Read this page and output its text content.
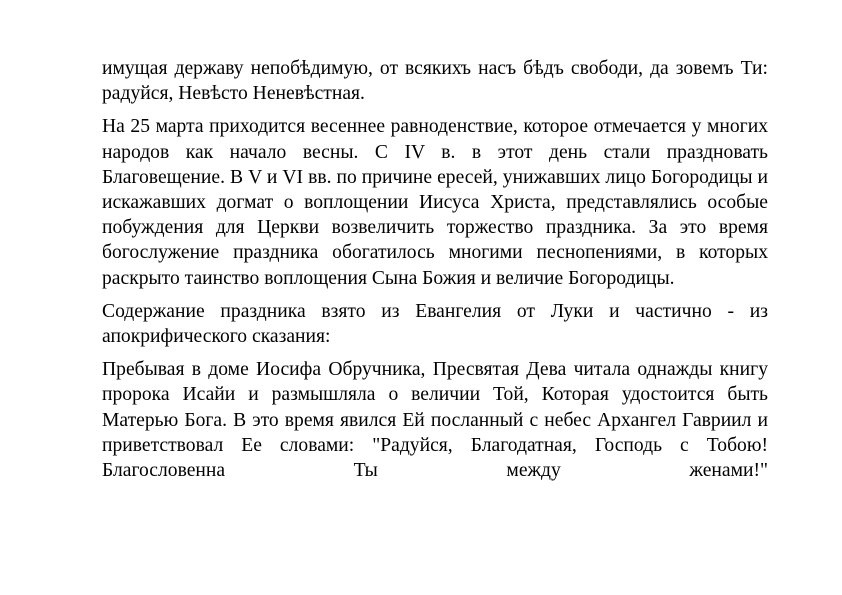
имущая державу непобѣдимую, от всякихъ насъ бѣдъ свободи, да зовемъ Ти: радуйся, Невѣсто Неневѣстная.

На 25 марта приходится весеннее равноденствие, которое отмечается у многих народов как начало весны. С IV в. в этот день стали праздновать Благовещение. В V и VI вв. по причине ересей, унижавших лицо Богородицы и искажавших догмат о воплощении Иисуса Христа, представлялись особые побуждения для Церкви возвеличить торжество праздника. За это время богослужение праздника обогатилось многими песнопениями, в которых раскрыто таинство воплощения Сына Божия и величие Богородицы.

Содержание праздника взято из Евангелия от Луки и частично - из апокрифического сказания:

Пребывая в доме Иосифа Обручника, Пресвятая Дева читала однажды книгу пророка Исайи и размышляла о величии Той, Которая удостоится быть Матерью Бога. В это время явился Ей посланный с небес Архангел Гавриил и приветствовал Ее словами: "Радуйся, Благодатная, Господь с Тобою! Благословенна Ты между женами!"
